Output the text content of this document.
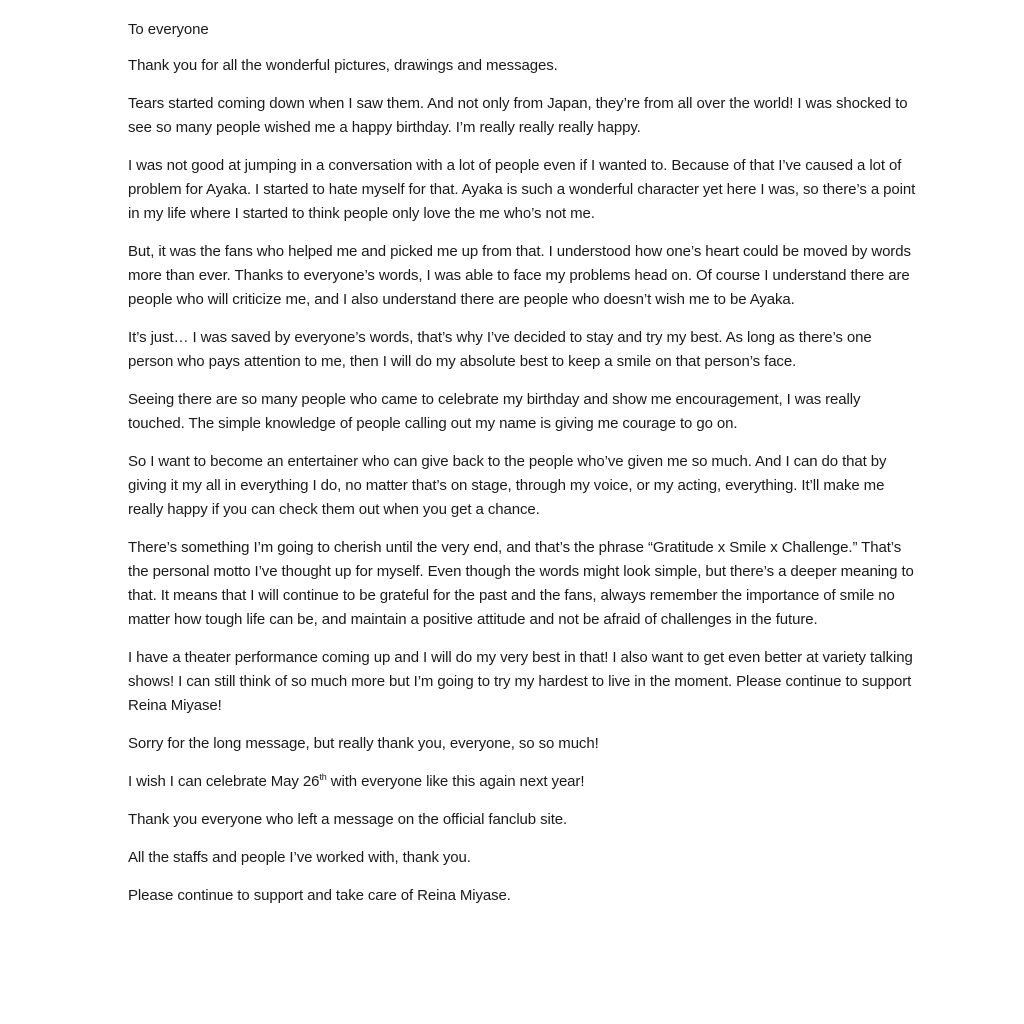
To everyone

Thank you for all the wonderful pictures, drawings and messages.

Tears started coming down when I saw them. And not only from Japan, they’re from all over the world! I was shocked to see so many people wished me a happy birthday. I’m really really really happy.

I was not good at jumping in a conversation with a lot of people even if I wanted to. Because of that I’ve caused a lot of problem for Ayaka. I started to hate myself for that. Ayaka is such a wonderful character yet here I was, so there’s a point in my life where I started to think people only love the me who’s not me.

But, it was the fans who helped me and picked me up from that. I understood how one’s heart could be moved by words more than ever. Thanks to everyone’s words, I was able to face my problems head on. Of course I understand there are people who will criticize me, and I also understand there are people who doesn’t wish me to be Ayaka.

It’s just… I was saved by everyone’s words, that’s why I’ve decided to stay and try my best. As long as there’s one person who pays attention to me, then I will do my absolute best to keep a smile on that person’s face.

Seeing there are so many people who came to celebrate my birthday and show me encouragement, I was really touched. The simple knowledge of people calling out my name is giving me courage to go on.

So I want to become an entertainer who can give back to the people who’ve given me so much. And I can do that by giving it my all in everything I do, no matter that’s on stage, through my voice, or my acting, everything. It’ll make me really happy if you can check them out when you get a chance.

There’s something I’m going to cherish until the very end, and that’s the phrase “Gratitude x Smile x Challenge.” That’s the personal motto I’ve thought up for myself. Even though the words might look simple, but there’s a deeper meaning to that. It means that I will continue to be grateful for the past and the fans, always remember the importance of smile no matter how tough life can be, and maintain a positive attitude and not be afraid of challenges in the future.

I have a theater performance coming up and I will do my very best in that! I also want to get even better at variety talking shows! I can still think of so much more but I’m going to try my hardest to live in the moment. Please continue to support Reina Miyase!

Sorry for the long message, but really thank you, everyone, so so much!

I wish I can celebrate May 26th with everyone like this again next year!

Thank you everyone who left a message on the official fanclub site.

All the staffs and people I’ve worked with, thank you.

Please continue to support and take care of Reina Miyase.
